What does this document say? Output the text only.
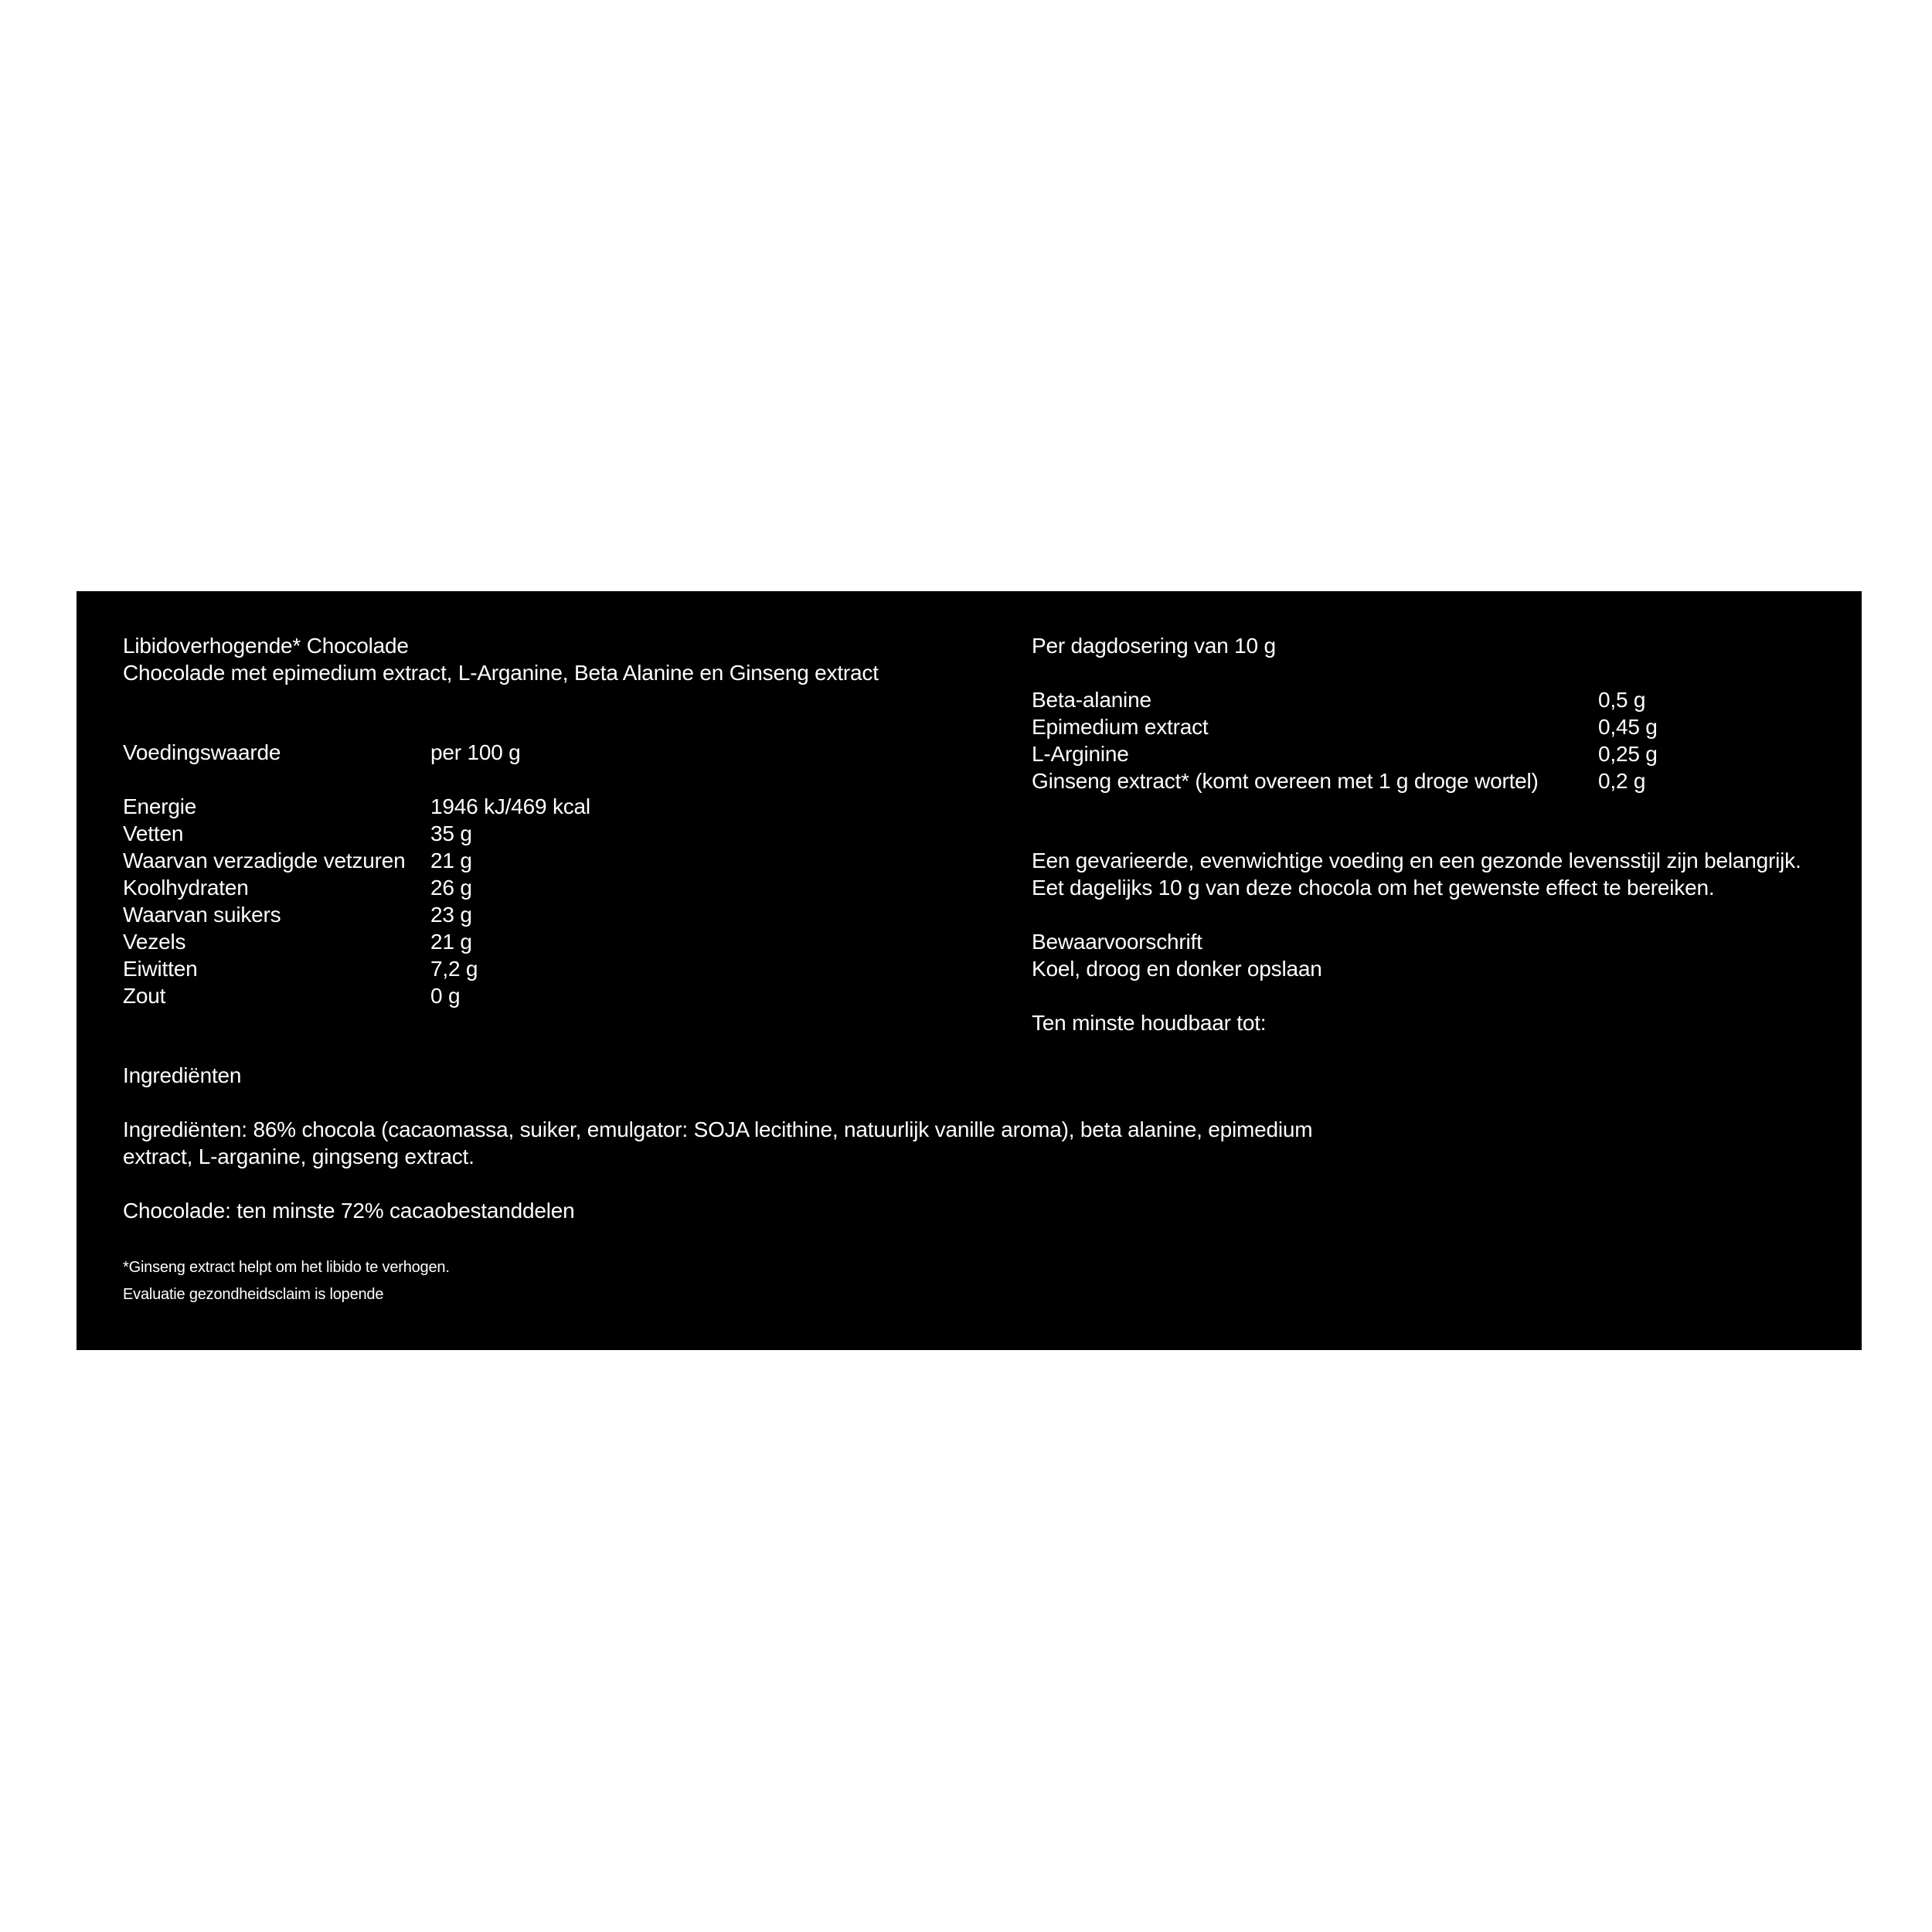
Libidoverhogende* Chocolade
Chocolade met epimedium extract, L-Arganine, Beta Alanine en Ginseng extract
Voedingswaarde	per 100 g
Energie	1946 kJ/469 kcal
Vetten	35 g
Waarvan verzadigde vetzuren 21 g
Koolhydraten	26 g
Waarvan suikers	23 g
Vezels	21 g
Eiwitten	7,2 g
Zout	0 g
Ingrediënten
Ingrediënten: 86% chocola (cacaomassa, suiker, emulgator: SOJA lecithine, natuurlijk vanille aroma), beta alanine, epimedium
extract, L-arganine, gingseng extract.
Chocolade: ten minste 72% cacaobestanddelen
*Ginseng extract helpt om het libido te verhogen.
Evaluatie gezondheidsclaim is lopende
Per dagdosering van 10 g
Beta-alanine	0,5 g
Epimedium extract	0,45 g
L-Arginine	0,25 g
Ginseng extract* (komt overeen met 1 g droge wortel)	0,2 g
Een gevarieerde, evenwichtige voeding en een gezonde levensstijl zijn belangrijk.
Eet dagelijks 10 g van deze chocola om het gewenste effect te bereiken.
Bewaarvoorschrift
Koel, droog en donker opslaan
Ten minste houdbaar tot:
